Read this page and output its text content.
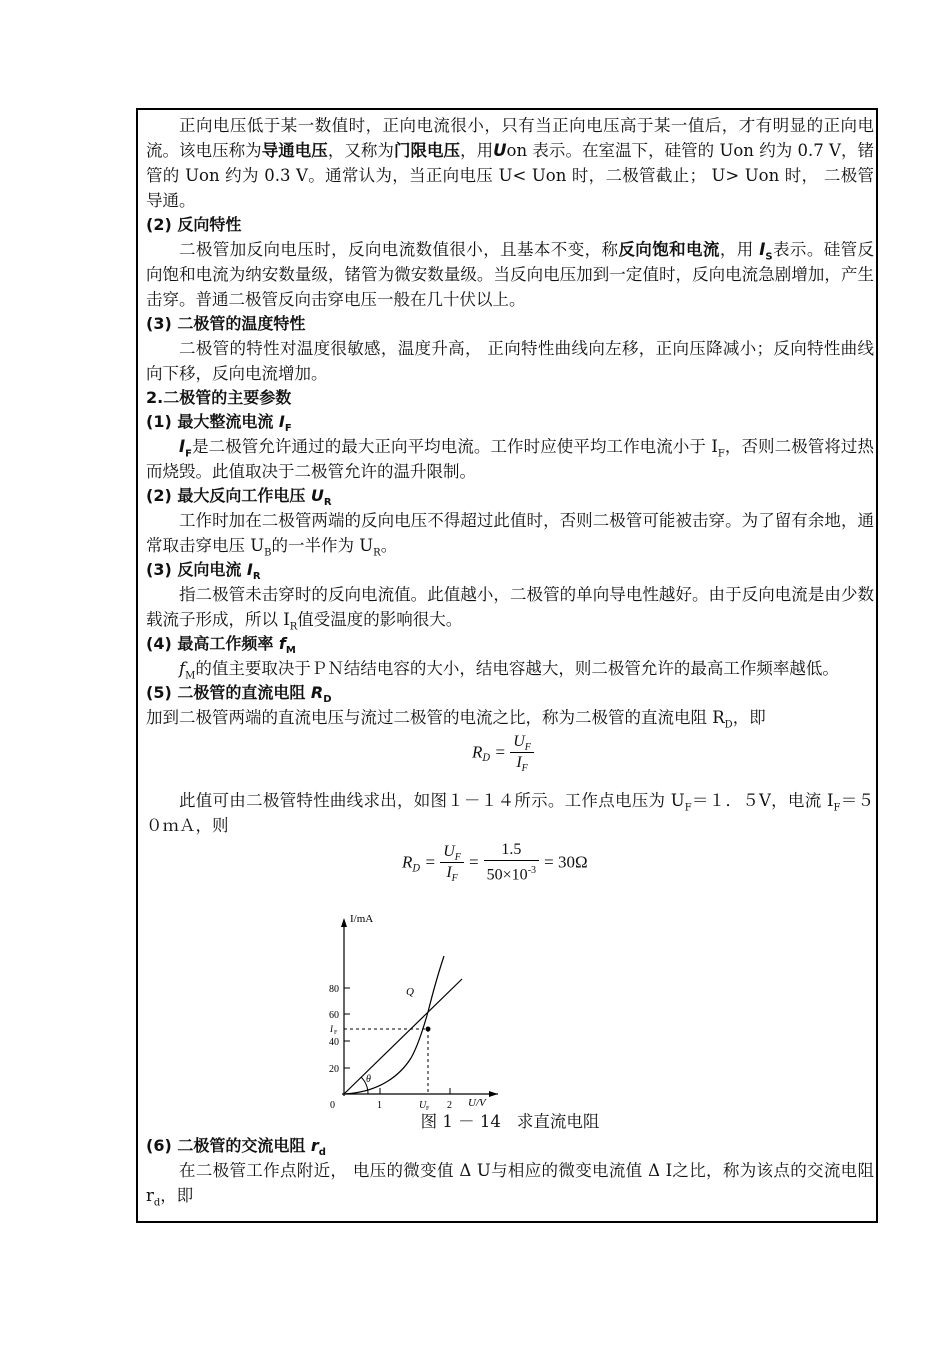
正向电压低于某一数值时，正向电流很小，只有当正向电压高于某一值后，才有明显的正向电流。该电压称为导通电压，又称为门限电压，用Uon 表示。在室温下，硅管的 Uon 约为 0.7 V，锗管的 Uon 约为 0.3 V。通常认为，当正向电压 U< Uon 时，二极管截止； U> Uon 时， 二极管导通。

(2) 反向特性

二极管加反向电压时，反向电流数值很小，且基本不变，称反向饱和电流，用 $I_S$表示。硅管反向饱和电流为纳安数量级，锗管为微安数量级。当反向电压加到一定值时，反向电流急剧增加，产生击穿。普通二极管反向击穿电压一般在几十伏以上。

(3) 二极管的温度特性

二极管的特性对温度很敏感，温度升高， 正向特性曲线向左移，正向压降减小；反向特性曲线向下移，反向电流增加。

2.二极管的主要参数

(1) 最大整流电流 $I_F$

$I_F$是二极管允许通过的最大正向平均电流。工作时应使平均工作电流小于 $I_F$，否则二极管将过热而烧毁。此值取决于二极管允许的温升限制。

(2) 最大反向工作电压 $U_R$

工作时加在二极管两端的反向电压不得超过此值时，否则二极管可能被击穿。为了留有余地，通常取击穿电压 $U_B$的一半作为 $U_R$。

(3) 反向电流 $I_R$

指二极管未击穿时的反向电流值。此值越小，二极管的单向导电性越好。由于反向电流是由少数载流子形成，所以 $I_R$值受温度的影响很大。

(4) 最高工作频率 $f_M$

$f_M$的值主要取决于ＰＮ结结电容的大小，结电容越大，则二极管允许的最高工作频率越低。

(5) 二极管的直流电阻 $R_D$

加到二极管两端的直流电压与流过二极管的电流之比，称为二极管的直流电阻 $R_D$，即

$R_D = \frac{U_F}{I_F}$

此值可由二极管特性曲线求出，如图１－１４所示。工作点电压为 $U_F=1$．５V，电流 $I_F=50mA$，则

$R_D = \frac{U_F}{I_F} = \frac{1.5}{50\times 10^{-3}} = 30\Omega$
I/mA
U/V
80
60
40
20
I F
0	1	2
U F
Q
θ

图 1 － 14 求直流电阻

(6) 二极管的交流电阻 $r_d$

在二极管工作点附近， 电压的微变值 Δ U与相应的微变电流值 Δ I之比，称为该点的交流电阻 $r_d$，即
